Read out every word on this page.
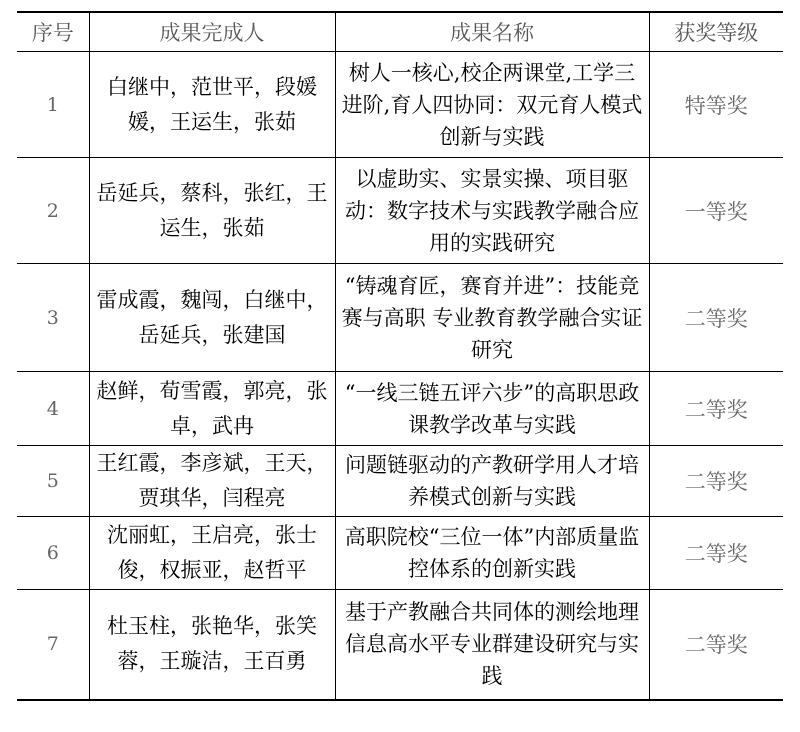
序号	成果完成人	成果名称	获奖等级
1	白继中，范世平，段媛媛，王运生，张茹	树人一核心,校企两课堂,工学三进阶,育人四协同：双元育人模式创新与实践	特等奖
2	岳延兵，蔡科，张红，王运生，张茹	以虚助实、实景实操、项目驱动：数字技术与实践教学融合应用的实践研究	一等奖
3	雷成霞，魏闯，白继中，岳延兵，张建国	“铸魂育匠，赛育并进”：技能竞赛与高职 专业教育教学融合实证研究	二等奖
4	赵鲜，荀雪霞，郭亮，张卓，武冉	“一线三链五评六步”的高职思政课教学改革与实践	二等奖
5	王红霞，李彦斌，王天，贾琪华，闫程亮	问题链驱动的产教研学用人才培养模式创新与实践	二等奖
6	沈丽虹，王启亮，张士俊，权振亚，赵哲平	高职院校“三位一体”内部质量监控体系的创新实践	二等奖
7	杜玉柱，张艳华，张笑蓉，王璇洁，王百勇	基于产教融合共同体的测绘地理信息高水平专业群建设研究与实践	二等奖
